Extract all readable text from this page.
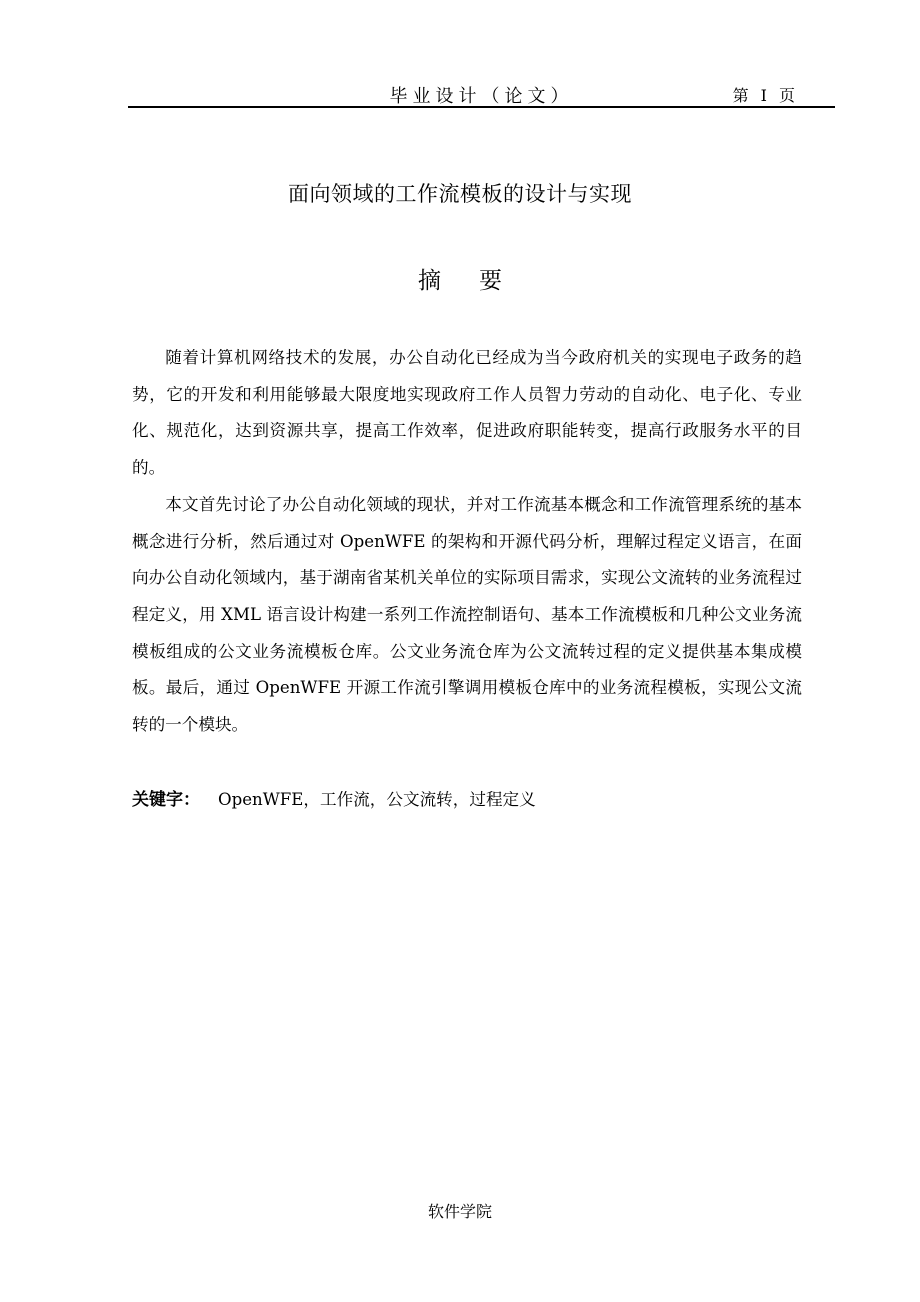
毕业设计（论文）	第 I 页
面向领域的工作流模板的设计与实现
摘要

随着计算机网络技术的发展，办公自动化已经成为当今政府机关的实现电子政务的趋势，它的开发和利用能够最大限度地实现政府工作人员智力劳动的自动化、电子化、专业化、规范化，达到资源共享，提高工作效率，促进政府职能转变，提高行政服务水平的目的。

本文首先讨论了办公自动化领域的现状，并对工作流基本概念和工作流管理系统的基本概念进行分析，然后通过对 OpenWFE 的架构和开源代码分析，理解过程定义语言，在面向办公自动化领域内，基于湖南省某机关单位的实际项目需求，实现公文流转的业务流程过程定义，用 XML 语言设计构建一系列工作流控制语句、基本工作流模板和几种公文业务流模板组成的公文业务流模板仓库。公文业务流仓库为公文流转过程的定义提供基本集成模板。最后，通过 OpenWFE 开源工作流引擎调用模板仓库中的业务流程模板，实现公文流转的一个模块。

关键字： OpenWFE，工作流，公文流转，过程定义
软件学院
